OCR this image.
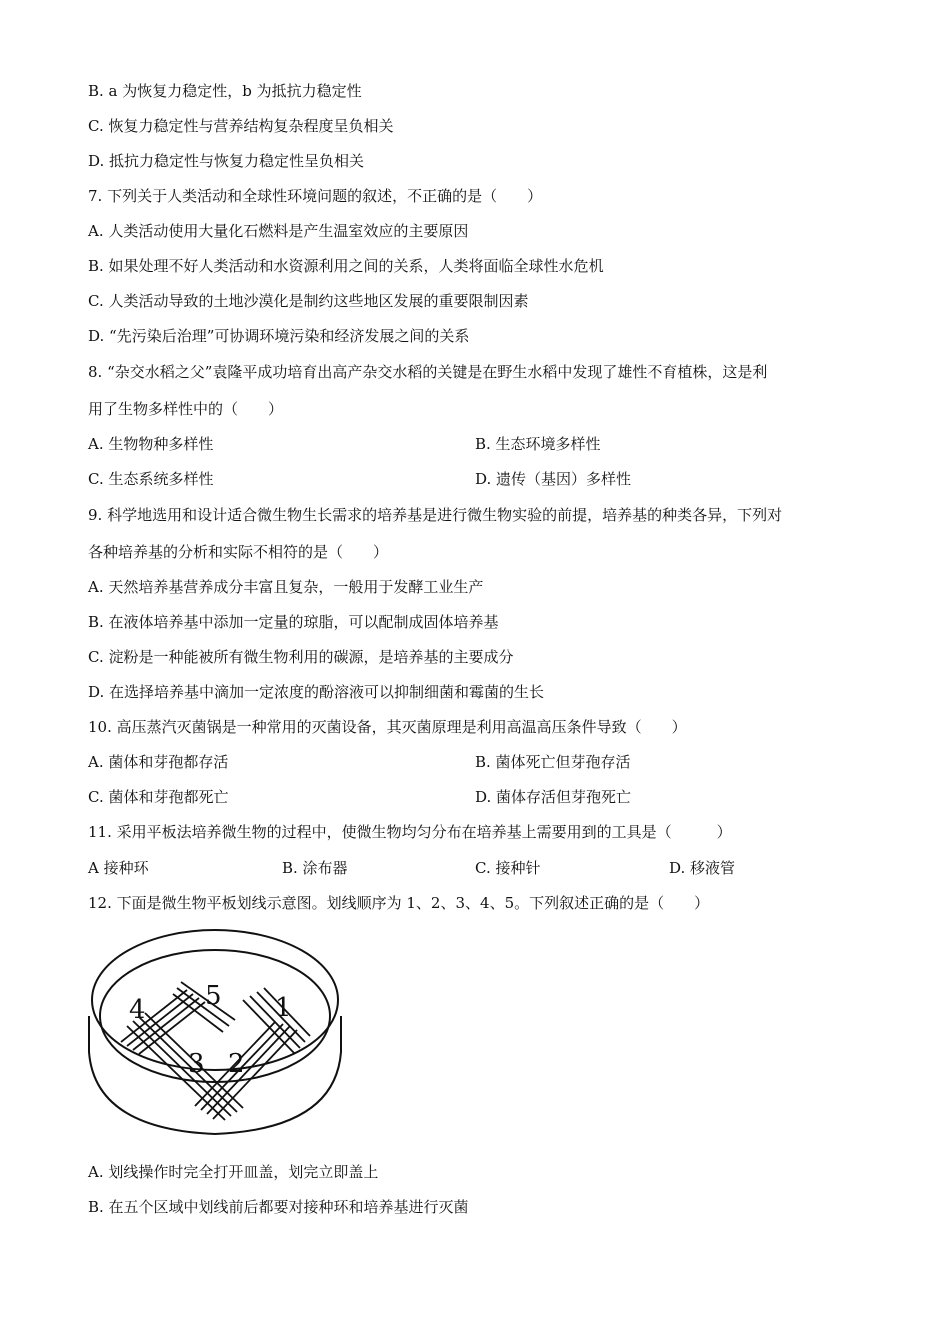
B. a 为恢复力稳定性，b 为抵抗力稳定性
C. 恢复力稳定性与营养结构复杂程度呈负相关
D. 抵抗力稳定性与恢复力稳定性呈负相关
7. 下列关于人类活动和全球性环境问题的叙述，不正确的是（　　）
A. 人类活动使用大量化石燃料是产生温室效应的主要原因
B. 如果处理不好人类活动和水资源利用之间的关系，人类将面临全球性水危机
C. 人类活动导致的土地沙漠化是制约这些地区发展的重要限制因素
D. “先污染后治理”可协调环境污染和经济发展之间的关系
8. “杂交水稻之父”袁隆平成功培育出高产杂交水稻的关键是在野生水稻中发现了雄性不育植株，这是利
用了生物多样性中的（　　）
A. 生物物种多样性	B. 生态环境多样性
C. 生态系统多样性	D. 遗传（基因）多样性
9. 科学地选用和设计适合微生物生长需求的培养基是进行微生物实验的前提，培养基的种类各异，下列对
各种培养基的分析和实际不相符的是（　　）
A. 天然培养基营养成分丰富且复杂，一般用于发酵工业生产
B. 在液体培养基中添加一定量的琼脂，可以配制成固体培养基
C. 淀粉是一种能被所有微生物利用的碳源，是培养基的主要成分
D. 在选择培养基中滴加一定浓度的酚溶液可以抑制细菌和霉菌的生长
10. 高压蒸汽灭菌锅是一种常用的灭菌设备，其灭菌原理是利用高温高压条件导致（　　）
A. 菌体和芽孢都存活	B. 菌体死亡但芽孢存活
C. 菌体和芽孢都死亡	D. 菌体存活但芽孢死亡
11. 采用平板法培养微生物的过程中，使微生物均匀分布在培养基上需要用到的工具是（　　　）
A 接种环	B. 涂布器	C. 接种针	D. 移液管
12. 下面是微生物平板划线示意图。划线顺序为 1、2、3、4、5。下列叙述正确的是（　　）
1
2
3
4 5
A. 划线操作时完全打开皿盖，划完立即盖上
B. 在五个区域中划线前后都要对接种环和培养基进行灭菌
